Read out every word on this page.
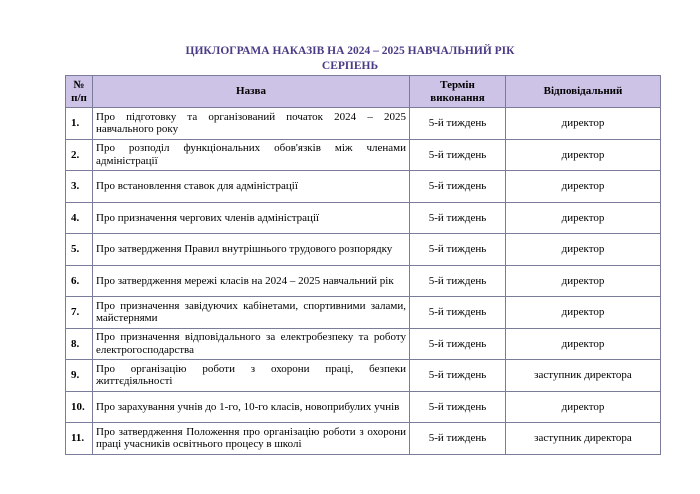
ЦИКЛОГРАМА НАКАЗІВ НА 2024 – 2025 НАВЧАЛЬНИЙ РІК
СЕРПЕНЬ
№ п/п	Назва	Термін виконання	Відповідальний
1.	Про підготовку та організований початок 2024 – 2025 навчального року	5-й тиждень	директор
2.	Про розподіл функціональних обов'язків між членами адміністрації	5-й тиждень	директор
3.	Про встановлення ставок для адміністрації	5-й тиждень	директор
4.	Про призначення чергових членів адміністрації	5-й тиждень	директор
5.	Про затвердження Правил внутрішнього трудового розпорядку	5-й тиждень	директор
6.	Про затвердження мережі класів на 2024 – 2025 навчальний рік	5-й тиждень	директор
7.	Про призначення завідуючих кабінетами, спортивними залами, майстернями	5-й тиждень	директор
8.	Про призначення відповідального за електробезпеку та роботу електрогосподарства	5-й тиждень	директор
9.	Про організацію роботи з охорони праці, безпеки життєдіяльності	5-й тиждень	заступник директора
10.	Про зарахування учнів до 1-го, 10-го класів, новоприбулих учнів	5-й тиждень	директор
11.	Про затвердження Положення про організацію роботи з охорони праці учасників освітнього процесу в школі	5-й тиждень	заступник директора
